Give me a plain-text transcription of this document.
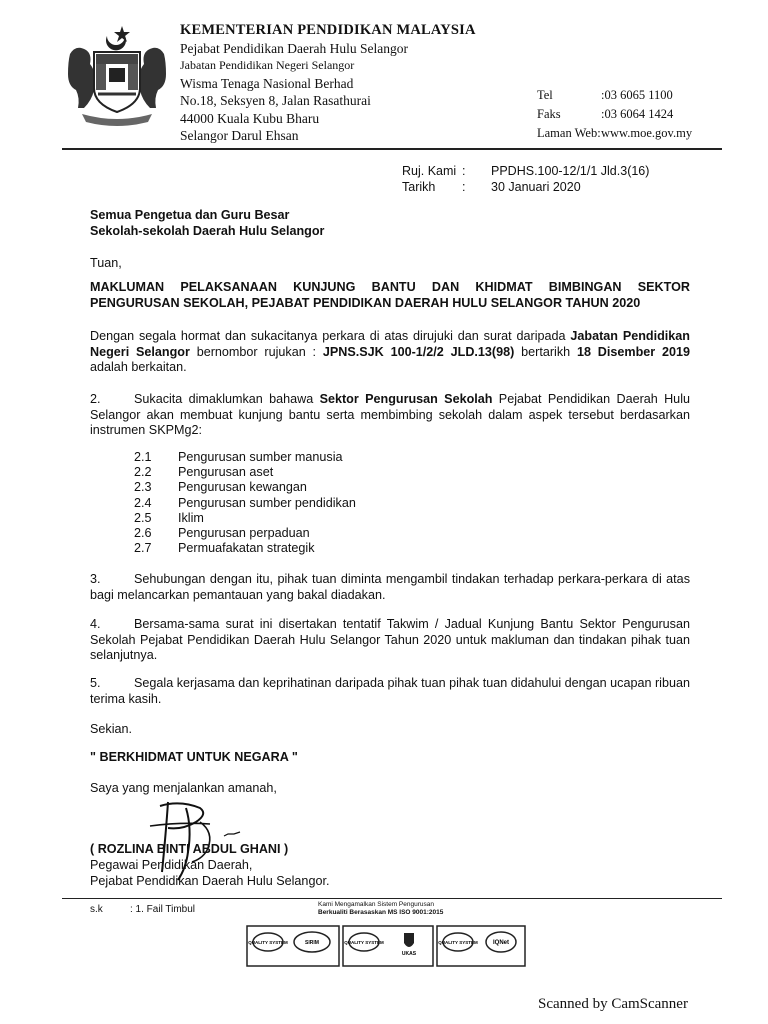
KEMENTERIAN PENDIDIKAN MALAYSIA
Pejabat Pendidikan Daerah Hulu Selangor
Jabatan Pendidikan Negeri Selangor
Wisma Tenaga Nasional Berhad
No.18, Seksyen 8, Jalan Rasathurai
44000 Kuala Kubu Bharu
Selangor Darul Ehsan
Tel	:03 6065 1100
Faks	:03 6064 1424
Laman Web: www.moe.gov.my
Ruj. Kami :	PPDHS.100-12/1/1 Jld.3(16)
Tarikh	:	30 Januari 2020
Semua Pengetua dan Guru Besar
Sekolah-sekolah Daerah Hulu Selangor
Tuan,
MAKLUMAN PELAKSANAAN KUNJUNG BANTU DAN KHIDMAT BIMBINGAN SEKTOR
PENGURUSAN SEKOLAH, PEJABAT PENDIDIKAN DAERAH HULU SELANGOR TAHUN 2020
Dengan segala hormat dan sukacitanya perkara di atas dirujuki dan surat daripada Jabatan Pendidikan Negeri Selangor bernombor rujukan : JPNS.SJK 100-1/2/2 JLD.13(98) bertarikh 18 Disember 2019 adalah berkaitan.
2.	Sukacita dimaklumkan bahawa Sektor Pengurusan Sekolah Pejabat Pendidikan Daerah Hulu Selangor akan membuat kunjung bantu serta membimbing sekolah dalam aspek tersebut berdasarkan instrumen SKPMg2:
2.1	Pengurusan sumber manusia
2.2	Pengurusan aset
2.3	Pengurusan kewangan
2.4	Pengurusan sumber pendidikan
2.5	Iklim
2.6	Pengurusan perpaduan
2.7	Permuafakatan strategik
3.	Sehubungan dengan itu, pihak tuan diminta mengambil tindakan terhadap perkara-perkara di atas bagi melancarkan pemantauan yang bakal diadakan.
4.	Bersama-sama surat ini disertakan tentatif Takwim / Jadual Kunjung Bantu Sektor Pengurusan Sekolah Pejabat Pendidikan Daerah Hulu Selangor Tahun 2020 untuk makluman dan tindakan pihak tuan selanjutnya.
5.	Segala kerjasama dan keprihatinan daripada pihak tuan pihak tuan didahului dengan ucapan ribuan terima kasih.
Sekian.
" BERKHIDMAT UNTUK NEGARA "
Saya yang menjalankan amanah,
( ROZLINA BINTI ABDUL GHANI )
Pegawai Pendidikan Daerah,
Pejabat Pendidikan Daerah Hulu Selangor.
s.k	: 1. Fail Timbul	Kami Mengamalkan Sistem Pengurusan
Berkualiti Berasaskan MS ISO 9001:2015
QUALITY SYSTEM	SIRIM	QUALITY SYSTEM
UKAS
QUALITY SYSTEM	IQNet
Scanned by CamScanner
